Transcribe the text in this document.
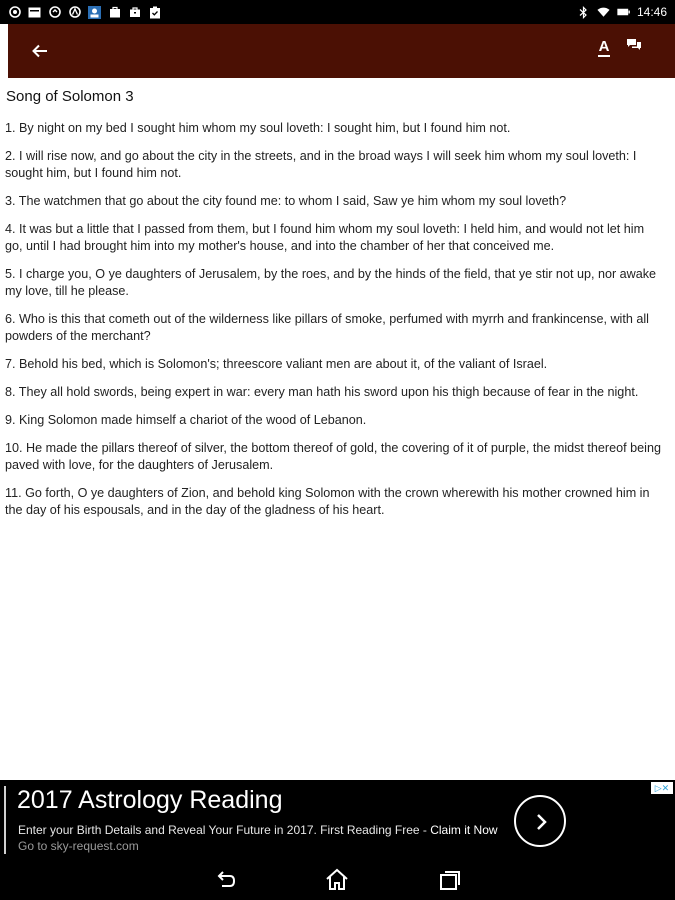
14:46
A
Song of Solomon 3

1. By night on my bed I sought him whom my soul loveth: I sought him, but I found him not.

2. I will rise now, and go about the city in the streets, and in the broad ways I will seek him whom my soul loveth: I sought him, but I found him not.

3. The watchmen that go about the city found me: to whom I said, Saw ye him whom my soul loveth?

4. It was but a little that I passed from them, but I found him whom my soul loveth: I held him, and would not let him go, until I had brought him into my mother's house, and into the chamber of her that conceived me.

5. I charge you, O ye daughters of Jerusalem, by the roes, and by the hinds of the field, that ye stir not up, nor awake my love, till he please.

6. Who is this that cometh out of the wilderness like pillars of smoke, perfumed with myrrh and frankincense, with all powders of the merchant?

7. Behold his bed, which is Solomon's; threescore valiant men are about it, of the valiant of Israel.

8. They all hold swords, being expert in war: every man hath his sword upon his thigh because of fear in the night.

9. King Solomon made himself a chariot of the wood of Lebanon.

10. He made the pillars thereof of silver, the bottom thereof of gold, the covering of it of purple, the midst thereof being paved with love, for the daughters of Jerusalem.

11. Go forth, O ye daughters of Zion, and behold king Solomon with the crown wherewith his mother crowned him in the day of his espousals, and in the day of the gladness of his heart.

2017 Astrology Reading
Enter your Birth Details and Reveal Your Future in 2017. First Reading Free - Claim it Now Go to sky-request.com
▷✕
